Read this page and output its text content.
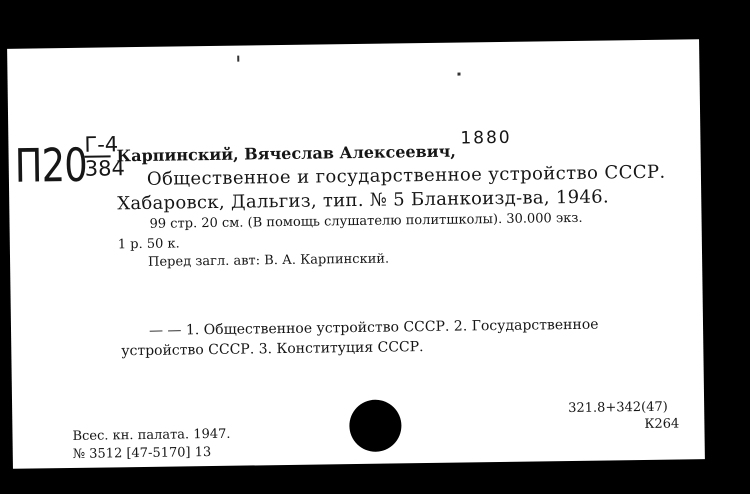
П20
Г-4
384
Карпинский, Вячеслав Алексеевич,
1880
Общественное и государственное устройство СССР.
Хабаровск, Дальгиз, тип. № 5 Бланкоизд-ва, 1946.
99 стр. 20 см. (В помощь слушателю политшколы). 30.000 экз.
1 р. 50 к.
Перед загл. авт: В. А. Карпинский.
— — 1. Общественное устройство СССР. 2. Государственное
устройство СССР. 3. Конституция СССР.
Всес. кн. палата. 1947.
№ 3512 [47-5170] 13
321.8+342(47)
К264
